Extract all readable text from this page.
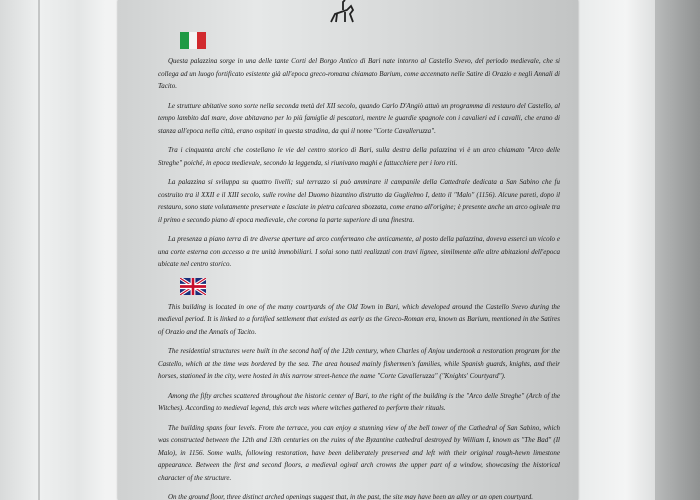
Questa palazzina sorge in una delle tante Corti del Borgo Antico di Bari nate intorno al Castello Svevo, del periodo medievale, che si collega ad un luogo fortificato esistente già all'epoca greco-romana chiamato Barium, come accennato nelle Satire di Orazio e negli Annali di Tacito.

Le strutture abitative sono sorte nella seconda metà del XII secolo, quando Carlo D'Angiò attuò un programma di restauro del Castello, al tempo lambito dal mare, dove abitavano per lo più famiglie di pescatori, mentre le guardie spagnole con i cavalieri ed i cavalli, che erano di stanza all'epoca nella città, erano ospitati in questa stradina, da qui il nome "Corte Cavalleruzza".

Tra i cinquanta archi che costellano le vie del centro storico di Bari, sulla destra della palazzina vi è un arco chiamato "Arco delle Streghe" poiché, in epoca medievale, secondo la leggenda, si riunivano maghi e fattucchiere per i loro riti.

La palazzina si sviluppa su quattro livelli; sul terrazzo si può ammirare il campanile della Cattedrale dedicata a San Sabino che fu costruito tra il XXII e il XIII secolo, sulle rovine del Duomo bizantino distrutto da Guglielmo I, detto il "Malo" (1156). Alcune pareti, dopo il restauro, sono state volutamente preservate e lasciate in pietra calcarea sbozzata, come erano all'origine; è presente anche un arco ogivale tra il primo e secondo piano di epoca medievale, che corona la parte superiore di una finestra.

La presenza a piano terra di tre diverse aperture ad arco confermano che anticamente, al posto della palazzina, doveva esserci un vicolo e una corte esterna con accesso a tre unità immobiliari. I solai sono tutti realizzati con travi lignee, similmente alle altre abitazioni dell'epoca ubicate nel centro storico.

This building is located in one of the many courtyards of the Old Town in Bari, which developed around the Castello Svevo during the medieval period. It is linked to a fortified settlement that existed as early as the Greco-Roman era, known as Barium, mentioned in the Satires of Orazio and the Annals of Tacito.

The residential structures were built in the second half of the 12th century, when Charles of Anjou undertook a restoration program for the Castello, which at the time was bordered by the sea. The area housed mainly fishermen's families, while Spanish guards, knights, and their horses, stationed in the city, were hosted in this narrow street-hence the name "Corte Cavalleruzza" ("Knights' Courtyard").

Among the fifty arches scattered throughout the historic center of Bari, to the right of the building is the "Arco delle Streghe" (Arch of the Witches). According to medieval legend, this arch was where witches gathered to perform their rituals.

The building spans four levels. From the terrace, you can enjoy a stunning view of the bell tower of the Cathedral of San Sabino, which was constructed between the 12th and 13th centuries on the ruins of the Byzantine cathedral destroyed by William I, known as "The Bad" (Il Malo), in 1156. Some walls, following restoration, have been deliberately preserved and left with their original rough-hewn limestone appearance. Between the first and second floors, a medieval ogival arch crowns the upper part of a window, showcasing the historical character of the structure.

On the ground floor, three distinct arched openings suggest that, in the past, the site may have been an alley or an open courtyard.
